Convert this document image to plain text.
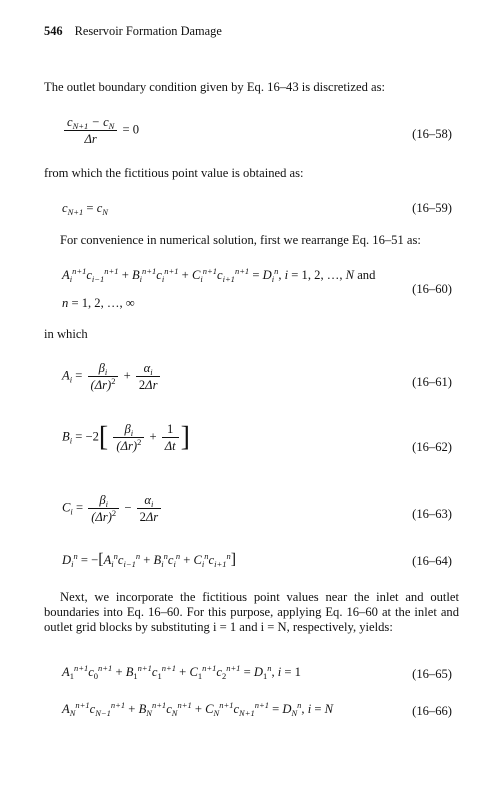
546 Reservoir Formation Damage
The outlet boundary condition given by Eq. 16–43 is discretized as:
$\frac{c_{N+1} - c_N}{\Delta r} = 0$	(16–58)
from which the fictitious point value is obtained as:
$c_{N+1} = c_N$	(16–59)
For convenience in numerical solution, first we rearrange Eq. 16–51 as:
$A_i^{n+1}c_{i-1}^{n+1} + B_i^{n+1}c_i^{n+1} + C_i^{n+1}c_{i+1}^{n+1} = D_i^n$, i = 1, 2, …, N and
(16–60)
n = 1, 2, …, ∞
in which
$A_i = \frac{\beta_i}{(\Delta r)^2} + \frac{\alpha_i}{2\Delta r}$	(16–61)
$B_i = -2[ \frac{\beta_i}{(\Delta r)^2} + \frac{1}{\Delta t}$ ]	(16–62)
$C_i = \frac{\beta_i}{(\Delta r)^2} - \frac{\alpha_i}{2\Delta r}$	(16–63)
$D_i^n = -[A_i^nc_{i-1}^n + B_i^nc_i^n + C_i^nc_{i+1}^n]$	(16–64)
Next, we incorporate the fictitious point values near the inlet and outlet boundaries into Eq. 16–60. For this purpose, applying Eq. 16–60 at the inlet and outlet grid blocks by substituting i = 1 and i = N, respectively, yields:
$A_1^{n+1}c_0^{n+1} + B_1^{n+1}c_1^{n+1} + C_1^{n+1}c_2^{n+1} = D_1^n$, i = 1	(16–65)
$A_N^{n+1}c_{N-1}^{n+1} + B_N^{n+1}c_N^{n+1} + C_N^{n+1}c_{N+1}^{n+1} = D_N^n$, i = N	(16–66)
